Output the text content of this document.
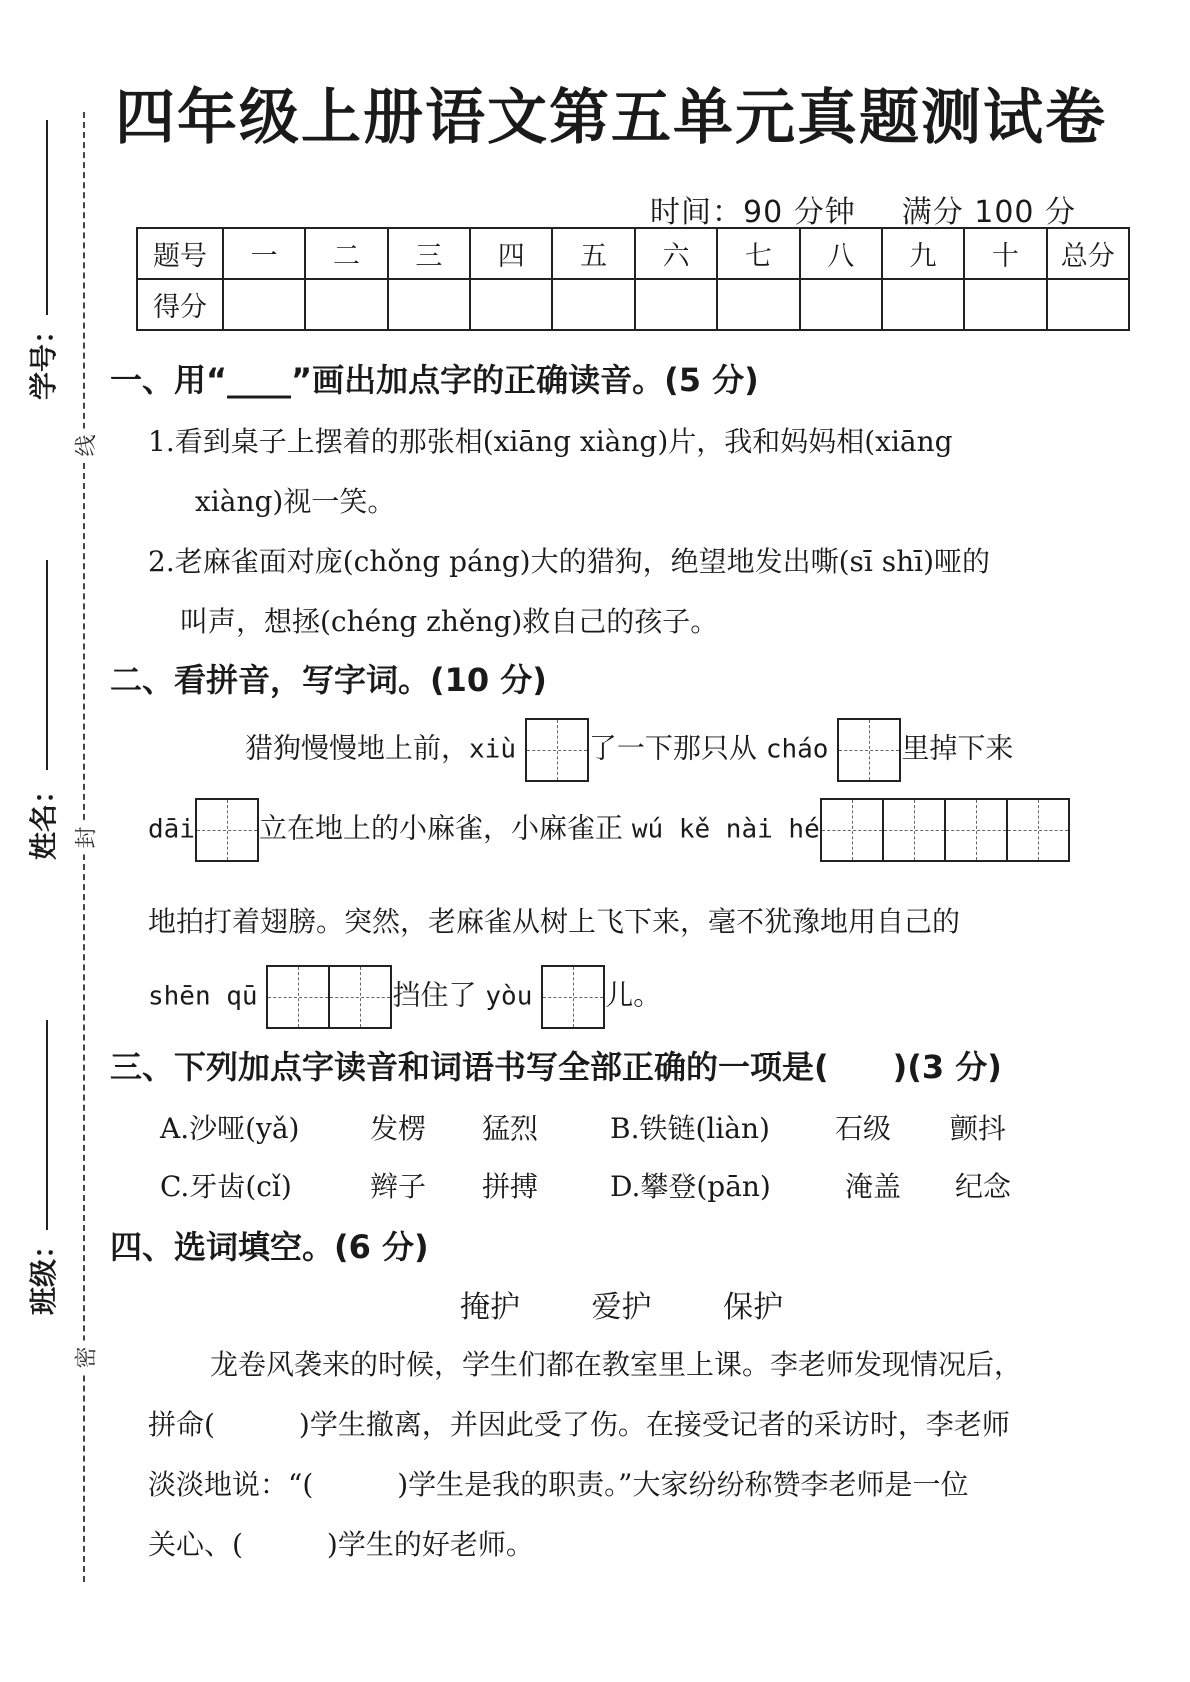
学号：
姓名：
班级：
线
封
密
四年级上册语文第五单元真题测试卷
时间：90 分钟 满分 100 分
题号	一	二	三	四	五	六	七	八	九	十	总分
得分											
一、用“____”画出加点字的正确读音。(5 分)
1.看到桌子上摆着的那张相(xiāng xiàng)片，我和妈妈相(xiāng
xiàng)视一笑。
2.老麻雀面对庞(chǒng páng)大的猎狗，绝望地发出嘶(sī shī)哑的
叫声，想拯(chéng zhěng)救自己的孩子。
二、看拼音，写字词。(10 分)
猎狗慢慢地上前，xiù	了一下那只从 cháo	里掉下来
dāi 立在地上的小麻雀，小麻雀正 wú kě nài hé
地拍打着翅膀。突然，老麻雀从树上飞下来，毫不犹豫地用自己的
shēn qū	挡住了 yòu	儿。
三、下列加点字读音和词语书写全部正确的一项是(　　)(3 分)
A.沙哑(yǎ)	发楞 猛烈	B.铁链(liàn) 石级 颤抖
C.牙齿(cǐ)	辫子 拼搏	D.攀登(pān)	淹盖 纪念
四、选词填空。(6 分)
掩护 爱护 保护
龙卷风袭来的时候，学生们都在教室里上课。李老师发现情况后，
拼命(　　　)学生撤离，并因此受了伤。在接受记者的采访时，李老师
淡淡地说：“(　　　)学生是我的职责。”大家纷纷称赞李老师是一位
关心、(　　　)学生的好老师。
